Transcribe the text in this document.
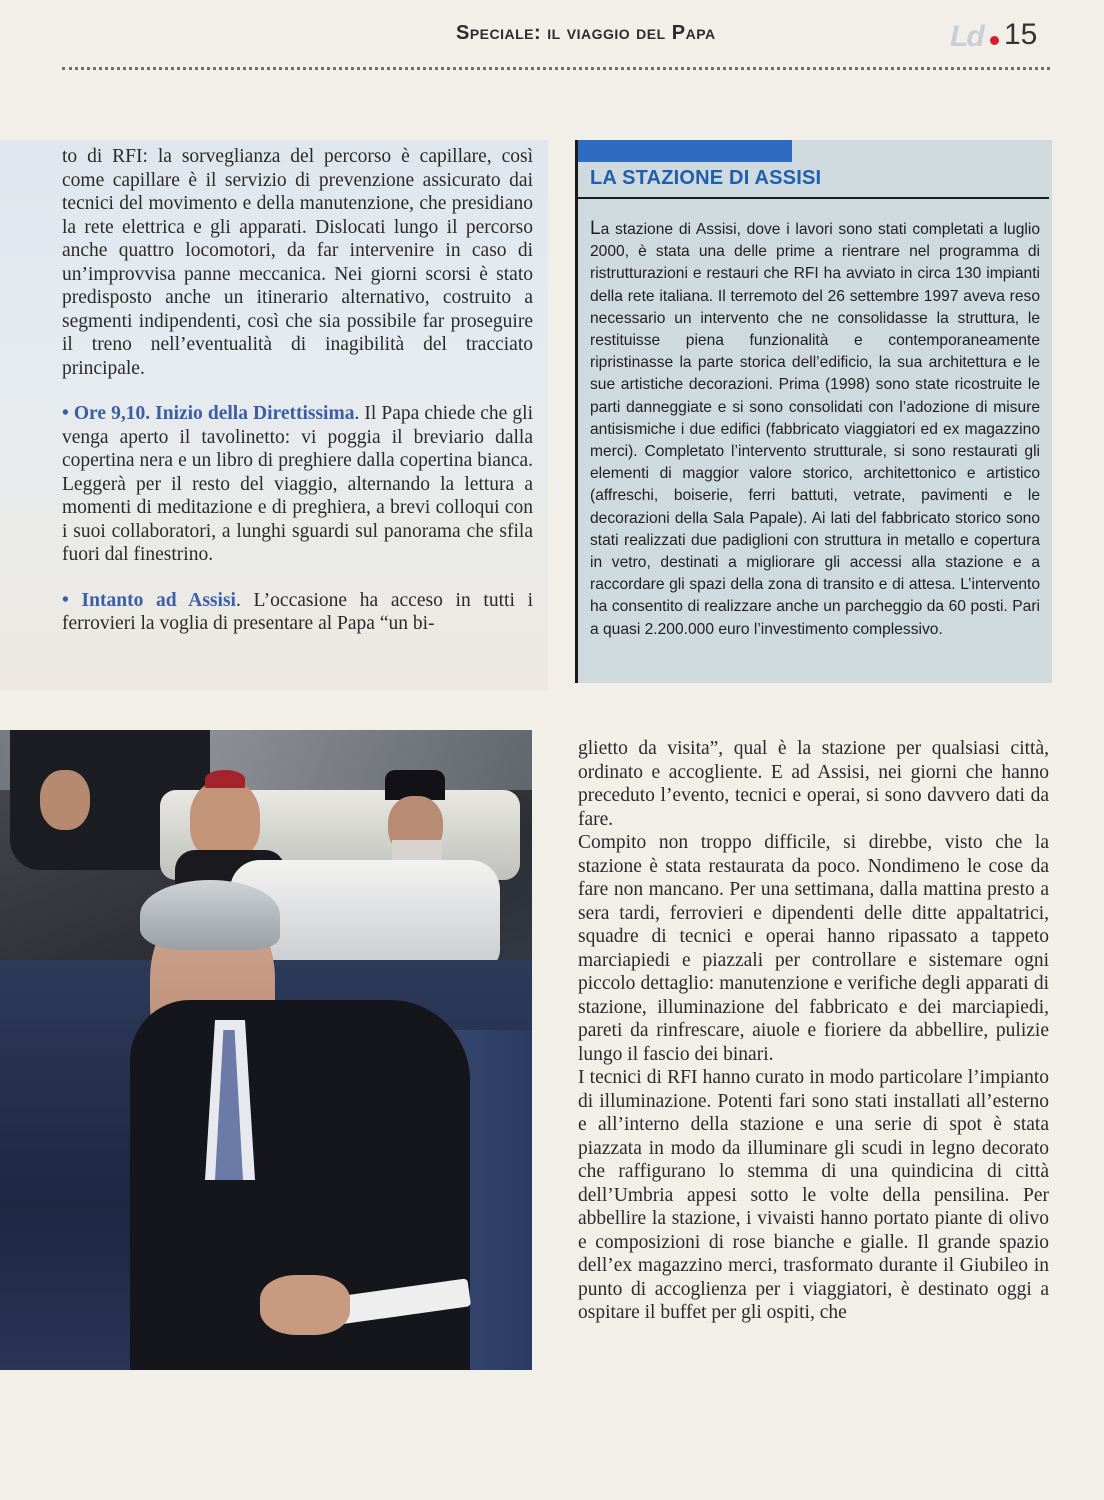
Speciale: il viaggio del Papa	Ld 15

to di RFI: la sorveglianza del percorso è capillare, così come capillare è il servizio di prevenzione assicurato dai tecnici del movimento e della manutenzione, che presidiano la rete elettrica e gli apparati. Dislocati lungo il percorso anche quattro locomotori, da far intervenire in caso di un’improvvisa panne meccanica. Nei giorni scorsi è stato predisposto anche un itinerario alternativo, costruito a segmenti indipendenti, così che sia possibile far proseguire il treno nell’eventualità di inagibilità del tracciato principale.

• Ore 9,10. Inizio della Direttissima. Il Papa chiede che gli venga aperto il tavolinetto: vi poggia il breviario dalla copertina nera e un libro di preghiere dalla copertina bianca. Leggerà per il resto del viaggio, alternando la lettura a momenti di meditazione e di preghiera, a brevi colloqui con i suoi collaboratori, a lunghi sguardi sul panorama che sfila fuori dal finestrino.

• Intanto ad Assisi. L’occasione ha acceso in tutti i ferrovieri la voglia di presentare al Papa “un bi-

LA STAZIONE DI ASSISI
La stazione di Assisi, dove i lavori sono stati completati a luglio 2000, è stata una delle prime a rientrare nel programma di ristrutturazioni e restauri che RFI ha avviato in circa 130 impianti della rete italiana. Il terremoto del 26 settembre 1997 aveva reso necessario un intervento che ne consolidasse la struttura, le restituisse piena funzionalità e contemporaneamente ripristinasse la parte storica dell’edificio, la sua architettura e le sue artistiche decorazioni. Prima (1998) sono state ricostruite le parti danneggiate e si sono consolidati con l’adozione di misure antisismiche i due edifici (fabbricato viaggiatori ed ex magazzino merci). Completato l’intervento strutturale, si sono restaurati gli elementi di maggior valore storico, architettonico e artistico (affreschi, boiserie, ferri battuti, vetrate, pavimenti e le decorazioni della Sala Papale). Ai lati del fabbricato storico sono stati realizzati due padiglioni con struttura in metallo e copertura in vetro, destinati a migliorare gli accessi alla stazione e a raccordare gli spazi della zona di transito e di attesa. L’intervento ha consentito di realizzare anche un parcheggio da 60 posti. Pari a quasi 2.200.000 euro l’investimento complessivo.

glietto da visita”, qual è la stazione per qualsiasi città, ordinato e accogliente. E ad Assisi, nei giorni che hanno preceduto l’evento, tecnici e operai, si sono davvero dati da fare.

Compito non troppo difficile, si direbbe, visto che la stazione è stata restaurata da poco. Nondimeno le cose da fare non mancano. Per una settimana, dalla mattina presto a sera tardi, ferrovieri e dipendenti delle ditte appaltatrici, squadre di tecnici e operai hanno ripassato a tappeto marciapiedi e piazzali per controllare e sistemare ogni piccolo dettaglio: manutenzione e verifiche degli apparati di stazione, illuminazione del fabbricato e dei marciapiedi, pareti da rinfrescare, aiuole e fioriere da abbellire, pulizie lungo il fascio dei binari.

I tecnici di RFI hanno curato in modo particolare l’impianto di illuminazione. Potenti fari sono stati installati all’esterno e all’interno della stazione e una serie di spot è stata piazzata in modo da illuminare gli scudi in legno decorato che raffigurano lo stemma di una quindicina di città dell’Umbria appesi sotto le volte della pensilina. Per abbellire la stazione, i vivaisti hanno portato piante di olivo e composizioni di rose bianche e gialle. Il grande spazio dell’ex magazzino merci, trasformato durante il Giubileo in punto di accoglienza per i viaggiatori, è destinato oggi a ospitare il buffet per gli ospiti, che
